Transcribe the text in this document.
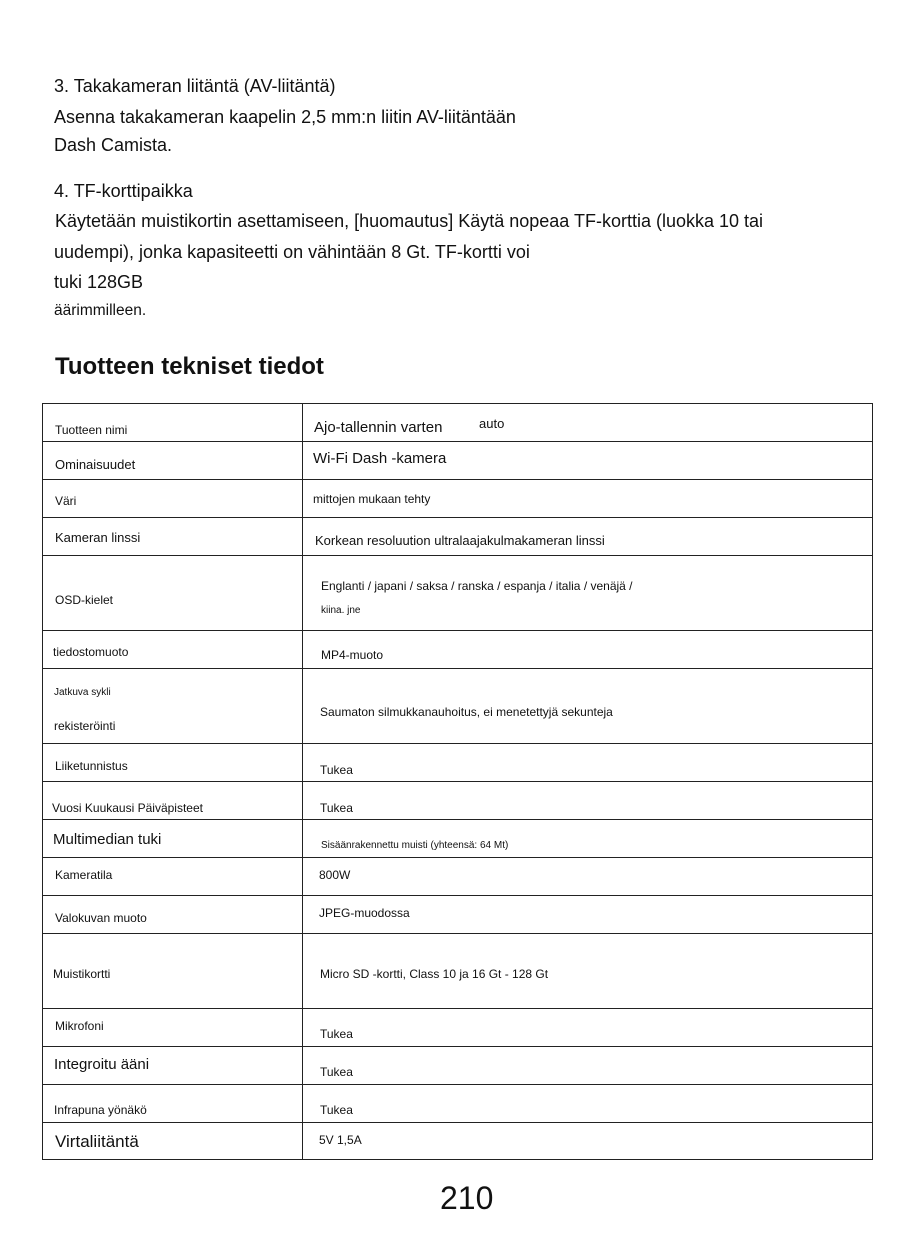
3. Takakameran liitäntä (AV-liitäntä)
Asenna takakameran kaapelin 2,5 mm:n liitin AV-liitäntään
Dash Camista.
4. TF-korttipaikka
Käytetään muistikortin asettamiseen, [huomautus] Käytä nopeaa TF-korttia (luokka 10 tai
uudempi), jonka kapasiteetti on vähintään 8 Gt. TF-kortti voi
tuki 128GB
äärimmilleen.
Tuotteen tekniset tiedot
Tuotteen nimi	Ajo-tallennin varten auto

Ominaisuudet	Wi-Fi Dash -kamera

Väri	mittojen mukaan tehty

Kameran linssi	Korkean resoluution ultralaajakulmakameran linssi

OSD-kielet	Englanti / japani / saksa / ranska / espanja / italia / venäjä /
kiina. jne

tiedostomuoto	MP4-muoto

Jatkuva sykli
rekisteröinti	Saumaton silmukkanauhoitus, ei menetettyjä sekunteja

Liiketunnistus	Tukea

Vuosi Kuukausi Päiväpisteet	Tukea

Multimedian tuki	Sisäänrakennettu muisti (yhteensä: 64 Mt)

Kameratila	800W

Valokuvan muoto	JPEG-muodossa

Muistikortti	Micro SD -kortti, Class 10 ja 16 Gt - 128 Gt

Mikrofoni	Tukea

Integroitu ääni	Tukea

Infrapuna yönäkö	Tukea

Virtaliitäntä	5V 1,5A
210
